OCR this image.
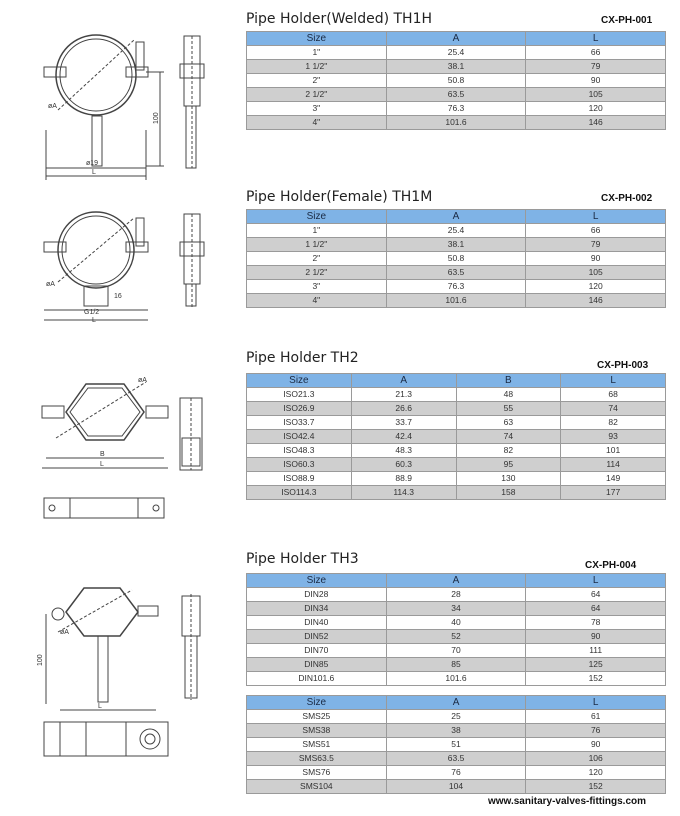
Pipe Holder(Welded) TH1H	CX-PH-001
Size	A	L
1"	25.4	66
1 1/2"	38.1	79
2"	50.8	90
2 1/2"	63.5	105
3"	76.3	120
4"	101.6	146
øA
100
ø19
L
Pipe Holder(Female) TH1M	CX-PH-002
Size	A	L
1"	25.4	66
1 1/2"	38.1	79
2"	50.8	90
2 1/2"	63.5	105
3"	76.3	120
4"	101.6	146
øA
16
G1/2
L
Pipe Holder TH2	CX-PH-003
Size	A	B	L
ISO21.3	21.3	48	68
ISO26.9	26.6	55	74
ISO33.7	33.7	63	82
ISO42.4	42.4	74	93
ISO48.3	48.3	82	101
ISO60.3	60.3	95	114
ISO88.9	88.9	130	149
ISO114.3	114.3	158	177
øA
B
L
Pipe Holder TH3	CX-PH-004
Size	A	L
DIN28	28	64
DIN34	34	64
DIN40	40	78
DIN52	52	90
DIN70	70	111
DIN85	85	125
DIN101.6	101.6	152
Size	A	L
SMS25	25	61
SMS38	38	76
SMS51	51	90
SMS63.5	63.5	106
SMS76	76	120
SMS104	104	152
øA
100
L
www.sanitary-valves-fittings.com
